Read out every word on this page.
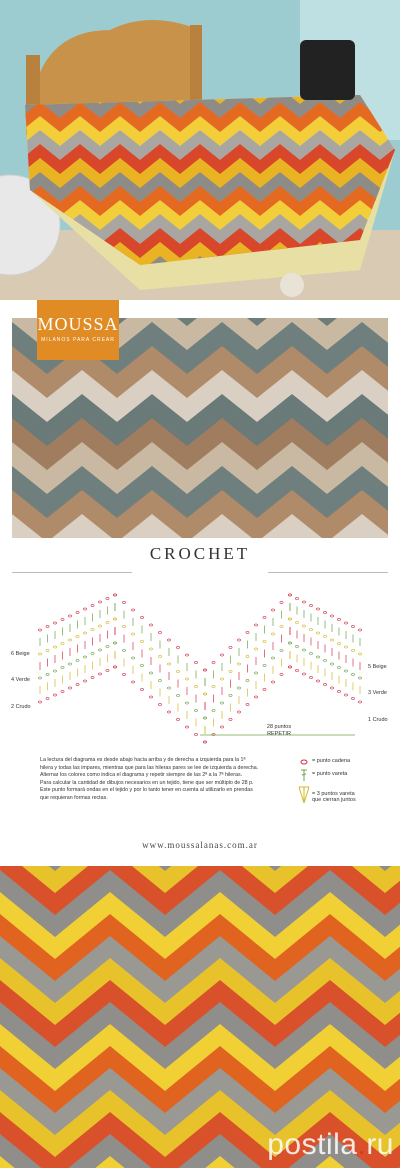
MOUSSA
MILANOS PARA CREAR
CROCHET
6 Beige
4 Verde
2 Crudo
5 Beige
3 Verde
1 Crudo
28 puntos
REPETIR
La lectura del diagrama es desde abajo hacia arriba y de derecha a izquierda para la 1ª
hilera y todas las impares, mientras que para las hileras pares se lee de izquierda a derecha.
Alternar los colores como indica el diagrama y repetir siempre de las 2ª a la 7ª hileras.
Para calcular la cantidad de dibujos necesarios en un tejido, tiene que ser múltiplo de 28 p.
Este punto formará ondas en el tejido y por lo tanto tener en cuenta al utilizarlo en prendas
que requieran formas rectas.
= punto cadena
= punto vareta
= 3 puntos vareta que cierran juntos
www.moussalanas.com.ar
postila.ru
